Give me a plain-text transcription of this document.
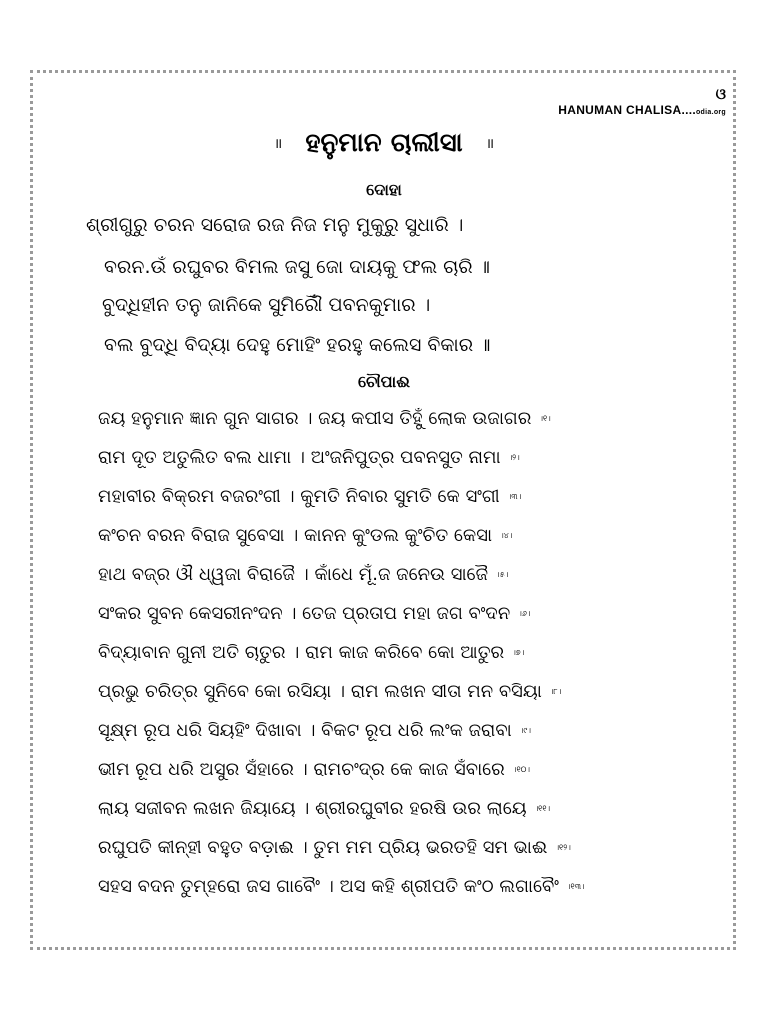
ଓ
HANUMAN CHALISA....odia.org
॥ ହନୁମାନ ଚାଲୀସା ॥
ଦୋହା
ଶ୍ରୀଗୁରୁ ଚରନ ସରୋଜ ରଜ ନିଜ ମନୁ ମୁକୁରୁ ସୁଧାରି ।
ବରନ.ଉଁ ରଘୁବର ବିମଲ ଜସୁ ଜୋ ଦାୟକୁ ଫଲ ଚାରି ॥
ବୁଦ୍ଧିହୀନ ତନୁ ଜାନିକେ ସୁମିରୌଁ ପବନକୁମାର ।
ବଲ ବୁଦ୍ଧି ବିଦ୍ୟା ଦେହୁ ମୋହିଂ ହରହୁ କଲେସ ବିକାର ॥
ଚୌପାଈ
ଜୟ ହନୁମାନ ଜ୍ଞାନ ଗୁନ ସାଗର । ଜୟ କପୀସ ତିହୁଁ ଲୋକ ଉଜାଗର ।୧।
ରାମ ଦୂତ ଅତୁଲିତ ବଲ ଧାମା । ଅଂଜନିପୁତ୍ର ପବନସୁତ ନାମା ।୨।
ମହାବୀର ବିକ୍ରମ ବଜରଂଗୀ । କୁମତି ନିବାର ସୁମତି କେ ସଂଗୀ ।୩।
କଂଚନ ବରନ ବିରାଜ ସୁବେସା । କାନନ କୁଂଡଲ କୁଂଚିତ କେସା ।୪।
ହାଥ ବଜ୍ର ଔ ଧ୍ୱଜା ବିରାଜୈ । କାଁଧେ ମୂଁ.ଜ ଜନେଉ ସାଜୈ ।୫।
ସଂକର ସୁବନ କେସରୀନଂଦନ । ତେଜ ପ୍ରତାପ ମହା ଜଗ ବଂଦନ ।୬।
ବିଦ୍ୟାବାନ ଗୁନୀ ଅତି ଚାତୁର । ରାମ କାଜ କରିବେ କୋ ଆତୁର ।୭।
ପ୍ରଭୁ ଚରିତ୍ର ସୁନିବେ କୋ ରସିୟା । ରାମ ଲଖନ ସୀତା ମନ ବସିୟା ।୮।
ସୂକ୍ଷ୍ମ ରୂପ ଧରି ସିୟହିଂ ଦିଖାବା । ବିକଟ ରୂପ ଧରି ଲଂକ ଜରାବା ।୯।
ଭୀମ ରୂପ ଧରି ଅସୁର ସଁହାରେ । ରାମଚଂଦ୍ର କେ କାଜ ସଁବାରେ ।୧୦।
ଲାୟ ସଜୀବନ ଲଖନ ଜିୟାୟେ । ଶ୍ରୀରଘୁବୀର ହରଷି ଉର ଲାୟେ ।୧୧।
ରଘୁପତି କୀନ୍ହୀ ବହୁତ ବଡ଼ାଈ । ତୁମ ମମ ପ୍ରିୟ ଭରତହି ସମ ଭାଈ ।୧୨।
ସହସ ବଦନ ତୁମ୍ହରୋ ଜସ ଗାବୈଂ । ଅସ କହି ଶ୍ରୀପତି କଂଠ ଲଗାବୈଂ ।୧୩।
